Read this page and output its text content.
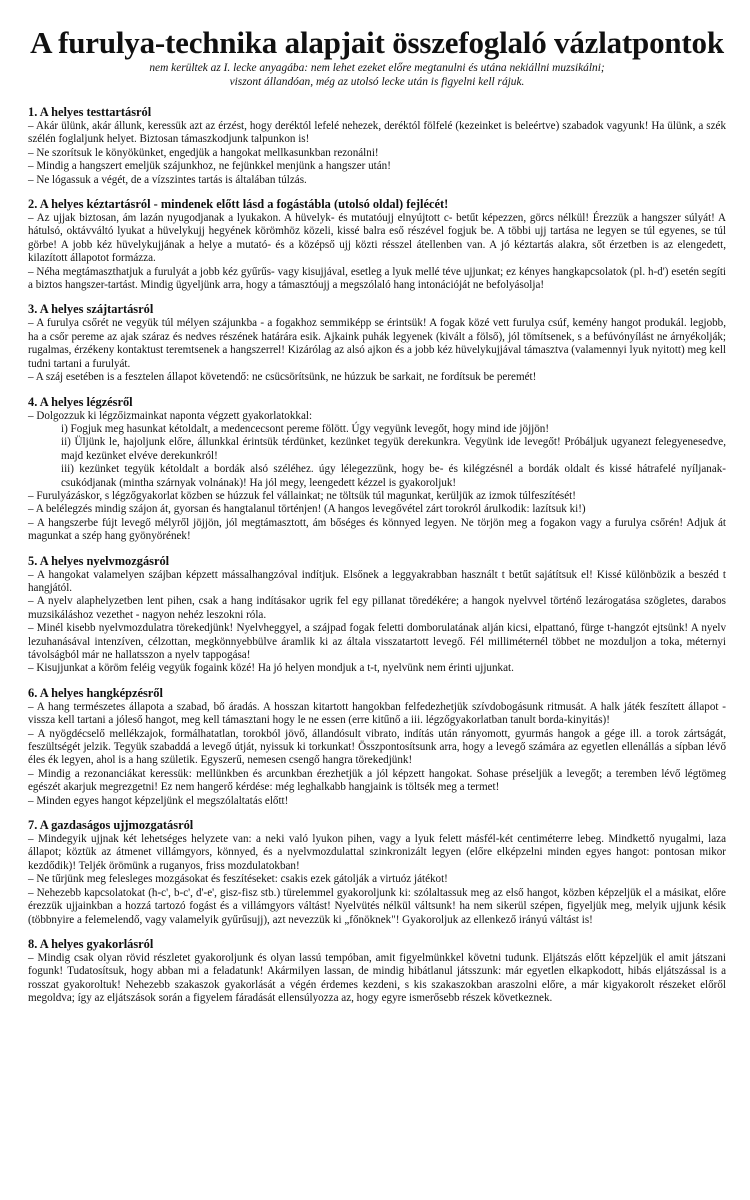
A furulya-technika alapjait összefoglaló vázlatpontok
nem kerültek az I. lecke anyagába: nem lehet ezeket előre megtanulni és utána nekiállni muzsikálni;
viszont állandóan, még az utolsó lecke után is figyelni kell rájuk.
1. A helyes testtartásról

– Akár ülünk, akár állunk, keressük azt az érzést, hogy deréktól lefelé nehezek, deréktól fölfelé (kezeinket is beleértve) szabadok vagyunk! Ha ülünk, a szék szélén foglaljunk helyet. Biztosan támaszkodjunk talpunkon is!

– Ne szorítsuk le könyökünket, engedjük a hangokat mellkasunkban rezonálni!

– Mindig a hangszert emeljük szájunkhoz, ne fejünkkel menjünk a hangszer után!

– Ne lógassuk a végét, de a vízszintes tartás is általában túlzás.

2. A helyes kéztartásról - mindenek előtt lásd a fogástábla (utolsó oldal) fejlécét!

– Az ujjak biztosan, ám lazán nyugodjanak a lyukakon. A hüvelyk- és mutatóujj elnyújtott c- betűt képezzen, görcs nélkül! Érezzük a hangszer súlyát! A hátulsó, oktávváltó lyukat a hüvelykujj hegyének körömhöz közeli, kissé balra eső részével fogjuk be. A többi ujj tartása ne legyen se túl egyenes, se túl görbe! A jobb kéz hüvelykujjának a helye a mutató- és a középső ujj közti résszel átellenben van. A jó kéztartás alakra, sőt érzetben is az elengedett, kilazított állapotot formázza.

– Néha megtámaszthatjuk a furulyát a jobb kéz gyűrűs- vagy kisujjával, esetleg a lyuk mellé téve ujjunkat; ez kényes hangkapcsolatok (pl. h-d') esetén segíti a biztos hangszer-tartást. Mindig ügyeljünk arra, hogy a támasztóujj a megszólaló hang intonációját ne befolyásolja!

3. A helyes szájtartásról

– A furulya csőrét ne vegyük túl mélyen szájunkba - a fogakhoz semmiképp se érintsük! A fogak közé vett furulya csúf, kemény hangot produkál. legjobb, ha a csőr pereme az ajak száraz és nedves részének határára esik. Ajkaink puhák legyenek (kivált a fölső), jól tömítsenek, s a befúvónyílást ne árnyékolják; rugalmas, érzékeny kontaktust teremtsenek a hangszerrel! Kizárólag az alsó ajkon és a jobb kéz hüvelykujjával támasztva (valamennyi lyuk nyitott) meg kell tudni tartani a furulyát.

– A száj esetében is a fesztelen állapot követendő: ne csücsörítsünk, ne húzzuk be sarkait, ne fordítsuk be peremét!

4. A helyes légzésről

– Dolgozzuk ki légzőizmainkat naponta végzett gyakorlatokkal:

i) Fogjuk meg hasunkat kétoldalt, a medencecsont pereme fölött. Úgy vegyünk levegőt, hogy mind ide jöjjön!

ii) Üljünk le, hajoljunk előre, állunkkal érintsük térdünket, kezünket tegyük derekunkra. Vegyünk ide levegőt! Próbáljuk ugyanezt felegyenesedve, majd kezünket elvéve derekunkról!

iii) kezünket tegyük kétoldalt a bordák alsó széléhez. úgy lélegezzünk, hogy be- és kilégzésnél a bordák oldalt és kissé hátrafelé nyíljanak-csukódjanak (mintha szárnyak volnának)! Ha jól megy, leengedett kézzel is gyakoroljuk!

– Furulyázáskor, s légzőgyakorlat közben se húzzuk fel vállainkat; ne töltsük túl magunkat, kerüljük az izmok túlfeszítését!

– A belélegzés mindig szájon át, gyorsan és hangtalanul történjen! (A hangos levegővétel zárt torokról árulkodik: lazítsuk ki!)

– A hangszerbe fújt levegő mélyről jöjjön, jól megtámasztott, ám bőséges és könnyed legyen. Ne törjön meg a fogakon vagy a furulya csőrén! Adjuk át magunkat a szép hang gyönyörének!

5. A helyes nyelvmozgásról

– A hangokat valamelyen szájban képzett mássalhangzóval indítjuk. Elsőnek a leggyakrabban használt t betűt sajátítsuk el! Kissé különbözik a beszéd t hangjától.

– A nyelv alaphelyzetben lent pihen, csak a hang indításakor ugrik fel egy pillanat töredékére; a hangok nyelvvel történő lezárogatása szögletes, darabos muzsikáláshoz vezethet - nagyon nehéz leszokni róla.

– Minél kisebb nyelvmozdulatra törekedjünk! Nyelvheggyel, a szájpad fogak feletti domborulatának alján kicsi, elpattanó, fürge t-hangzót ejtsünk! A nyelv lezuhanásával intenzíven, célzottan, megkönnyebbülve áramlik ki az általa visszatartott levegő. Fél milliméternél többet ne mozduljon a toka, méternyi távolságból már ne hallatsszon a nyelv tappogása!

– Kisujjunkat a köröm feléig vegyük fogaink közé! Ha jó helyen mondjuk a t-t, nyelvünk nem érinti ujjunkat.

6. A helyes hangképzésről

– A hang természetes állapota a szabad, bő áradás. A hosszan kitartott hangokban felfedezhetjük szívdobogásunk ritmusát. A halk játék feszített állapot - vissza kell tartani a jóleső hangot, meg kell támasztani hogy le ne essen (erre kitűnő a iii. légzőgyakorlatban tanult borda-kinyitás)!

– A nyögdécselő mellékzajok, formálhatatlan, torokból jövő, állandósult vibrato, indítás után rányomott, gyurmás hangok a gége ill. a torok zártságát, feszültségét jelzik. Tegyük szabaddá a levegő útját, nyissuk ki torkunkat! Összpontosítsunk arra, hogy a levegő számára az egyetlen ellenállás a sípban lévő éles ék legyen, ahol is a hang születik. Egyszerű, nemesen csengő hangra törekedjünk!

– Mindig a rezonanciákat keressük: mellünkben és arcunkban érezhetjük a jól képzett hangokat. Sohase préseljük a levegőt; a teremben lévő légtömeg egészét akarjuk megrezgetni! Ez nem hangerő kérdése: még leghalkabb hangjaink is töltsék meg a termet!

– Minden egyes hangot képzeljünk el megszólaltatás előtt!

7. A gazdaságos ujjmozgatásról

– Mindegyik ujjnak két lehetséges helyzete van: a neki való lyukon pihen, vagy a lyuk felett másfél-két centiméterre lebeg. Mindkettő nyugalmi, laza állapot; köztük az átmenet villámgyors, könnyed, és a nyelvmozdulattal szinkronizált legyen (előre elképzelni minden egyes hangot: pontosan mikor kezdődik)! Teljék örömünk a ruganyos, friss mozdulatokban!

– Ne tűrjünk meg felesleges mozgásokat és feszítéseket: csakis ezek gátolják a virtuóz játékot!

– Nehezebb kapcsolatokat (h-c', b-c', d'-e', gisz-fisz stb.) türelemmel gyakoroljunk ki: szólaltassuk meg az első hangot, közben képzeljük el a másikat, előre érezzük ujjainkban a hozzá tartozó fogást és a villámgyors váltást! Nyelvütés nélkül váltsunk! ha nem sikerül szépen, figyeljük meg, melyik ujjunk késik (többnyire a felemelendő, vagy valamelyik gyűrűsujj), azt nevezzük ki „főnöknek"! Gyakoroljuk az ellenkező irányú váltást is!

8. A helyes gyakorlásról

– Mindig csak olyan rövid részletet gyakoroljunk és olyan lassú tempóban, amit figyelmünkkel követni tudunk. Eljátszás előtt képzeljük el amit játszani fogunk! Tudatosítsuk, hogy abban mi a feladatunk! Akármilyen lassan, de mindig hibátlanul játsszunk: már egyetlen elkapkodott, hibás eljátszással is a rosszat gyakoroltuk! Nehezebb szakaszok gyakorlását a végén érdemes kezdeni, s kis szakaszokban araszolni előre, a már kigyakorolt részeket előről megoldva; így az eljátszások során a figyelem fáradását ellensúlyozza az, hogy egyre ismerősebb részek következnek.
